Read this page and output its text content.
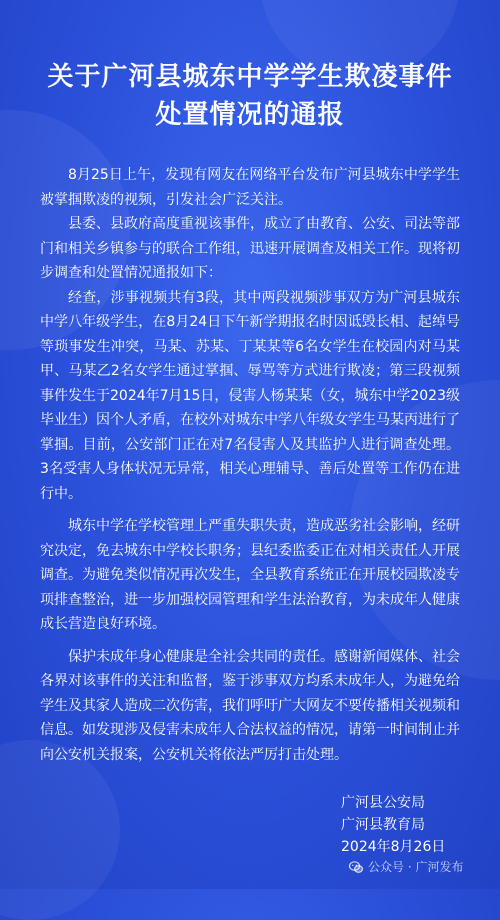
关于广河县城东中学学生欺凌事件
处置情况的通报

8月25日上午，发现有网友在网络平台发布广河县城东中学学生被掌掴欺凌的视频，引发社会广泛关注。

县委、县政府高度重视该事件，成立了由教育、公安、司法等部门和相关乡镇参与的联合工作组，迅速开展调查及相关工作。现将初步调查和处置情况通报如下：

经查，涉事视频共有3段，其中两段视频涉事双方为广河县城东中学八年级学生，在8月24日下午新学期报名时因诋毁长相、起绰号等琐事发生冲突，马某、苏某、丁某某等6名女学生在校园内对马某甲、马某乙2名女学生通过掌掴、辱骂等方式进行欺凌；第三段视频事件发生于2024年7月15日，侵害人杨某某（女，城东中学2023级毕业生）因个人矛盾，在校外对城东中学八年级女学生马某丙进行了掌掴。目前，公安部门正在对7名侵害人及其监护人进行调查处理。3名受害人身体状况无异常，相关心理辅导、善后处置等工作仍在进行中。

城东中学在学校管理上严重失职失责，造成恶劣社会影响，经研究决定，免去城东中学校长职务；县纪委监委正在对相关责任人开展调查。为避免类似情况再次发生，全县教育系统正在开展校园欺凌专项排查整治，进一步加强校园管理和学生法治教育，为未成年人健康成长营造良好环境。

保护未成年身心健康是全社会共同的责任。感谢新闻媒体、社会各界对该事件的关注和监督，鉴于涉事双方均系未成年人，为避免给学生及其家人造成二次伤害，我们呼吁广大网友不要传播相关视频和信息。如发现涉及侵害未成年人合法权益的情况，请第一时间制止并向公安机关报案，公安机关将依法严厉打击处理。

广河县公安局
广河县教育局
2024年8月26日
公众号 · 广河发布
